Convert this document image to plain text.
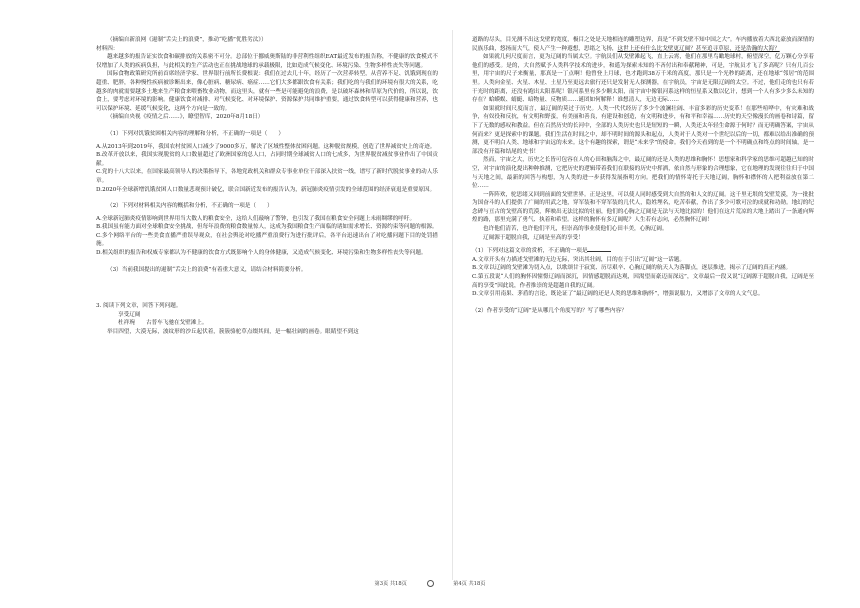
（摘编自新浪网《遏制“舌尖上的浪费”，推动“吃播”优胜劣汰》）

材料四：

越来越多的报告证实饮食和碳排放的关系密不可分。总部位于挪威奥斯陆的非营利性组织EAT最近发布的报告称，不健康的饮食模式不仅增加了人类的疾病负担，与此相关的生产活动也正在挑战地球的承载极限，比如造成气候变化、环境污染、生物多样性丧失等问题。

国际食物政策研究所前首席经济学家、世界银行前所长费根说：我们在过去几十年，经历了一次营养转型，从营养不足、饥饿到现在的超重、肥胖，各种慢性疾病被诊断出来，像心脏病、糖尿病、癌症……它们大多都跟饮食有关系；我们吃的与我们的环境有很大的关系，吃越多的肉就需要越多土地来生产粮食来喂畜牧业动物，而这里头，就有一些是可能避免的浪费，是以破坏森林和草原为代价的，所以说，饮食上，要考虑对环境的影响。健康饮食对减排、对气候变化、对环境保护、资源保护共同维护重要，通过饮食转型可以获得健康和营养，也可以保护环境、延缓气候变化，这两个方向是一致的。

（摘编自央视《疫情之后……》，瞭望智库，2020年8月18日）

（1）下列对饥饿贫困相关内容的理解和分析，不正确的一项是（　　）

A.从2013年到2019年，我国农村贫困人口减少了9000多万，解决了区域性整体贫困问题。这种脱贫规模，创造了世界减贫史上的奇迹。

B.改革开放以来，我国实现脱贫的人口数量超过了欧洲国家的总人口，占同时期全球减贫人口的七成多，为世界脱贫减贫事业作出了中国贡献。

C.党的十八大以来，在国家最高领导人的决策指导下，各地党政机关和群众专事业单位干部深入扶贫一线，谱写了新时代脱贫事业的动人乐章。

D.2020年全球新增饥饿贫困人口数量悲观预计破亿，联合国新近发布的报告认为，新冠肺炎疫情引发的全球范围的经济衰退是重要原因。

（2）下列对材料相关内容的概括和分析，不正确的一项是（　　）

A.全球新冠肺炎疫情影响到世界用当大数人的粮食安全，这给人们敲响了警钟，也引发了我国在粮食安全问题上未雨绸缪的呼吁。

B.我国虽有能力面对全球粮食安全挑战，但每年浪费的粮食数量惊人，这成为我国粮食生产面临的诸如需求增长、资源约束等问题的根源。

C.多个网络平台的一些美食直播严重误导观众，在社会舆论对吃播严重浪费行为进行批评后，各平台迅速出台了对吃播问题下目的处罚措施。

D.相关组织的报告和权威专家都认为不健康的饮食方式既影响个人的身体健康，又造成气候变化、环境污染和生物多样性丧失等问题。

（3）当前我国提出的遏制“舌尖上的浪费”有着重大意义，请结合材料简要分析。

3. 阅读下列文章，回答下列问题。

享受辽阔

杜祥琬　　古普车飞驰在戈壁滩上。

举目四望，大漠无际，波纹形的沙丘起伏着，簇簇骆驼草点缀其间，是一幅壮阔的画卷。眼睛望不到这

道路的尽头，目光测不出这戈壁的宽度，极目之处是天地相连的雕塑边界，真是“不到戈壁不知中国之大”。车内播放着大西北豪放而深情的民族乐曲，悠扬而大气，使人产生一种遐想，思绪之飞扬，这世上还有什么比戈壁更辽阔？甚至追寻草原，还是浩瀚的大海？

如果就几何尺度而言，更为辽阔的当属太空。宇航员们从戈壁滩起飞，直上云霄，他们在那里鸟瞰地球村，俯望深空，亿万颗心分享着他们的感受。是的，大自然赋予人类科学技术的进步，和遥为探索未知的不吝付出和奉献精神，可是，宇航员才飞了多高呢？只有几百公里，用宇宙的尺子来衡量，那真是一丁点啊！他曾登上月球，也才跑到38万千米的高度，那只是一个光秒的距离，还在地球“邻居”的范围里。人类向金星、火星、木星、土星乃至更远去旅行还只是发射无人探测器，在宇航员，宇宙是无限辽阔的太空。不过，他们走的也只有若干光时的距离，还没有跑出太阳系呢！银河系里有多少颗太阳，而宇宙中像银河系这样的恒星系又数以亿计，想到一个人有多少多么未知的存在？蛤蟆蜈、蜻蜓、暗物量、反物质……谜团如何解释！谁想清人，无边无际……

如果就时间尺度而言，最辽阔的莫过于历史。人类一代代经历了多少个波澜壮阔、丰富多彩的历史变革！在那些喧哗中，有灾难和战争，有奴役和反抗，有文明和野蛮，有美丽和善良，有建设和创造，有文明和进步，有和平和幸福……历史的天空像漫长的画卷和诗篇，留下了无数的感叹和教益。但在百然历史的长河中，全部的人类历史也只是短短的一瞬，人类还太年轻生命源于何时？而无明确答案，宇宙从何而来？更是探索中的课题。我们生活在时间之中，却不明时间的源头和起点，人类对于人类对一个世纪以后的一切，都难以给出准确的预测，更不明白人类、地球和宇宙远的未来。这个有趣的探索，谓是“未来学”的使命。我们今天看到的是一个不明确点和终点的时间轴，是一部没有开篇和结尾的史书！

然而，宇宙之大，历史之长皆可包容在人的心田和脑海之中，最辽阔的还是人类的思维和胸怀！思想家和科学家的思维可超越已知的时空，对宇宙的演化提出种种推测，它把历史的逻辑带着我们在联接的历史中挥洒，依自然与形象的合理想象，它在地理的发现往往归于中国与天地之间，最新的回答与构想，为人类的进一步获得发展指明方向。把我们的情怀寄托于天地辽阔，胸怀和襟怀的人把利益放在第二位……

一阵阵欢，驼思绪又回到前面的戈壁世界。正是这里，可以使人同时感受到大自然的和人文的辽阔。这千里无垠的戈壁荒漠，为一批批为国奋斗的人们提供了广阔的用武之地，穿军装和不穿军装的几代人，隐姓埋名，吃苦奉献，作出了多少可歌可泣的成就和功勋。地幻的纪念碑与亘古的戈壁高的荒漠，辉映出无法比拟的壮丽，他们的心胸之辽阔是无法与天地比拟的！他们在这片荒凉的大地上踏出了一条通向辉煌的路，那里充满了勇气、执着和希望。这样的胸怀有多辽阔呢？人生若有志向，必然胸怀辽阔！

也许他们清苦，也许他们平凡，但崇高的事业使他们心田丰美，心胸辽阔。

辽阔源于超脱自我，辽阔是至高的享受！

（1）下列对这篇文章的赏析，不正确的一项是

A.文章开头有力描述戈壁滩的无边无际，突出其壮阔，目的在于引出“辽阔”这一话题。

B.文章以辽阔的戈壁滩为切入点，以歌颂甘于寂寞、历尽艰辛、心胸辽阔的航天人为落脚点，逐层推进，揭示了辽阔的真正内涵。

C.第五段说“人们的胸怀因憧憬辽阔而深沉，因情感超脱而达观，因渴望而豪迈而深远”，文章最后一段又说“辽阔源于超脱自我，辽阔是至高的享受”因此说，作者推崇的是超越自我的辽阔。

D.文章引用南果、茅盾的言论，既论证了“最辽阔的还是人类的思维和胸怀”，增强说服力，又增添了文章的人文气息。

（2）作者享受的“辽阔”是从哪几个角度写的？写了哪些内容？

第3页 共18页	第4页 共18页
